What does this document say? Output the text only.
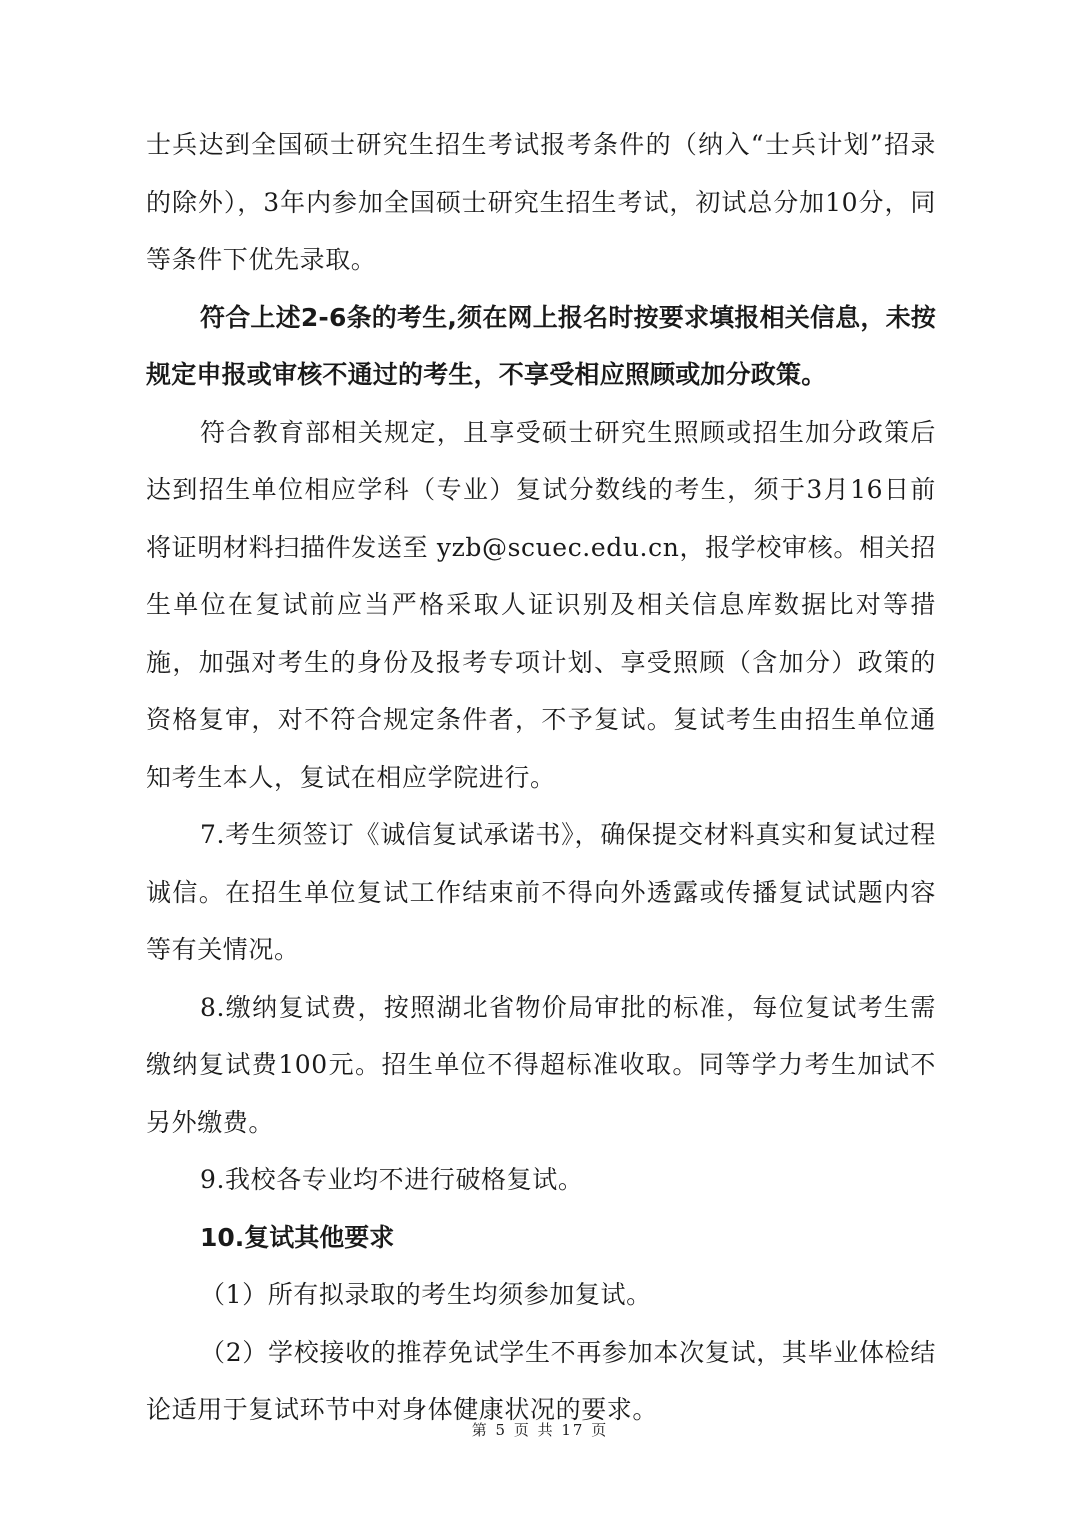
士兵达到全国硕士研究生招生考试报考条件的（纳入“士兵计划”招录的除外），3年内参加全国硕士研究生招生考试，初试总分加10分，同等条件下优先录取。

符合上述2-6条的考生,须在网上报名时按要求填报相关信息，未按规定申报或审核不通过的考生，不享受相应照顾或加分政策。

符合教育部相关规定，且享受硕士研究生照顾或招生加分政策后达到招生单位相应学科（专业）复试分数线的考生，须于3月16日前将证明材料扫描件发送至 yzb@scuec.edu.cn，报学校审核。相关招生单位在复试前应当严格采取人证识别及相关信息库数据比对等措施，加强对考生的身份及报考专项计划、享受照顾（含加分）政策的资格复审，对不符合规定条件者，不予复试。复试考生由招生单位通知考生本人，复试在相应学院进行。

7.考生须签订《诚信复试承诺书》，确保提交材料真实和复试过程诚信。在招生单位复试工作结束前不得向外透露或传播复试试题内容等有关情况。

8.缴纳复试费，按照湖北省物价局审批的标准，每位复试考生需缴纳复试费100元。招生单位不得超标准收取。同等学力考生加试不另外缴费。

9.我校各专业均不进行破格复试。

10.复试其他要求

（1）所有拟录取的考生均须参加复试。

（2）学校接收的推荐免试学生不再参加本次复试，其毕业体检结论适用于复试环节中对身体健康状况的要求。

第 5 页 共 17 页
